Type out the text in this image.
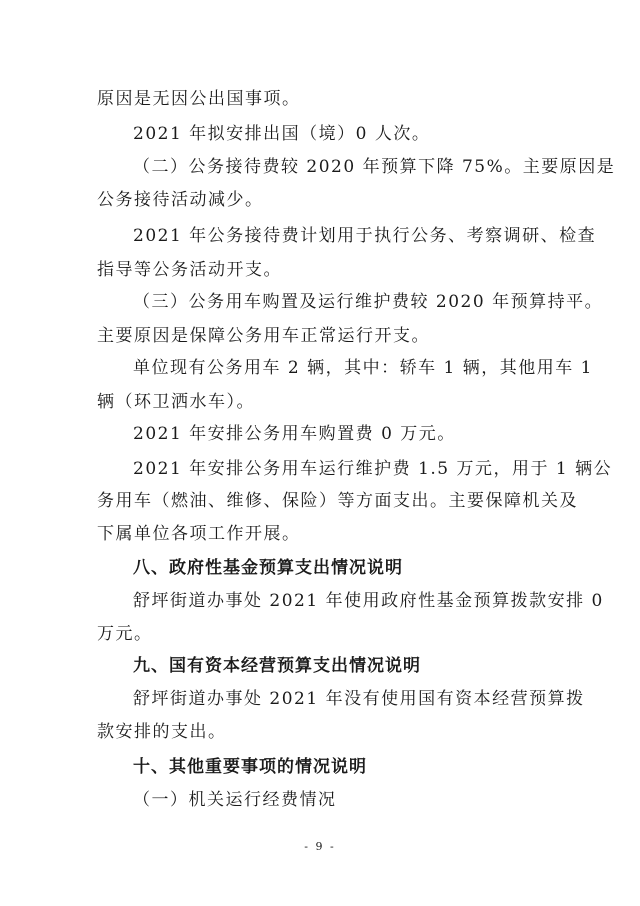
原因是无因公出国事项。
2021 年拟安排出国（境）0 人次。
（二）公务接待费较 2020 年预算下降 75%。主要原因是
公务接待活动减少。
2021 年公务接待费计划用于执行公务、考察调研、检查
指导等公务活动开支。
（三）公务用车购置及运行维护费较 2020 年预算持平。
主要原因是保障公务用车正常运行开支。
单位现有公务用车 2 辆，其中：轿车 1 辆，其他用车 1
辆（环卫洒水车）。
2021 年安排公务用车购置费 0 万元。
2021 年安排公务用车运行维护费 1.5 万元，用于 1 辆公
务用车（燃油、维修、保险）等方面支出。主要保障机关及
下属单位各项工作开展。
八、政府性基金预算支出情况说明
舒坪街道办事处 2021 年使用政府性基金预算拨款安排 0
万元。
九、国有资本经营预算支出情况说明
舒坪街道办事处 2021 年没有使用国有资本经营预算拨
款安排的支出。
十、其他重要事项的情况说明
（一）机关运行经费情况
- 9 -
